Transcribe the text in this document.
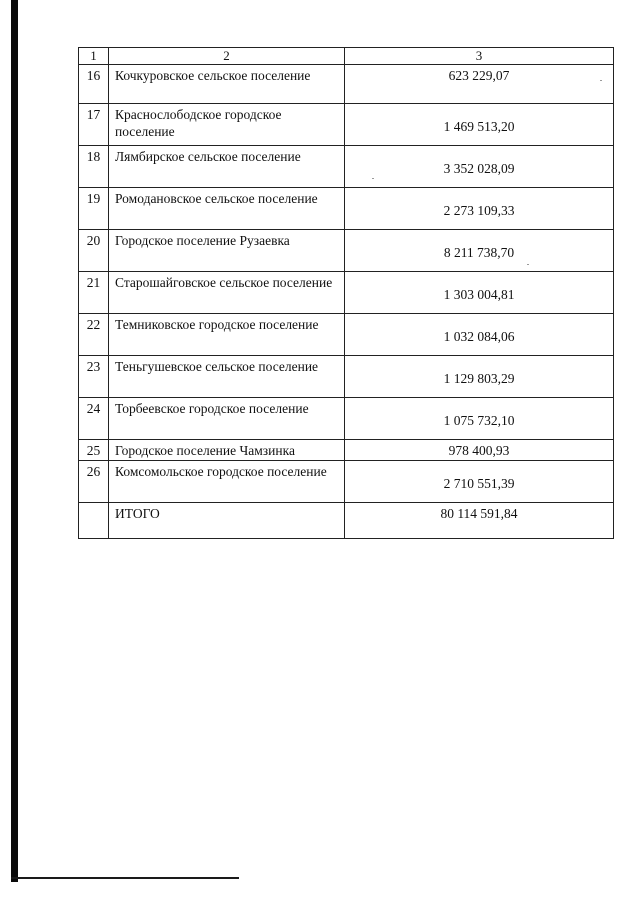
1	2	3
16	Кочкуровское сельское поселение	623 229,07
17	Краснослободское городское поселение	1 469 513,20
18	Лямбирское сельское поселение	3 352 028,09
19	Ромодановское сельское поселение	2 273 109,33
20	Городское поселение Рузаевка	8 211 738,70
21	Старошайговское сельское поселение	1 303 004,81
22	Темниковское городское поселение	1 032 084,06
23	Теньгушевское сельское поселение	1 129 803,29
24	Торбеевское городское поселение	1 075 732,10
25	Городское поселение Чамзинка	978 400,93
26	Комсомольское городское поселение	2 710 551,39
	ИТОГО	80 114 591,84
